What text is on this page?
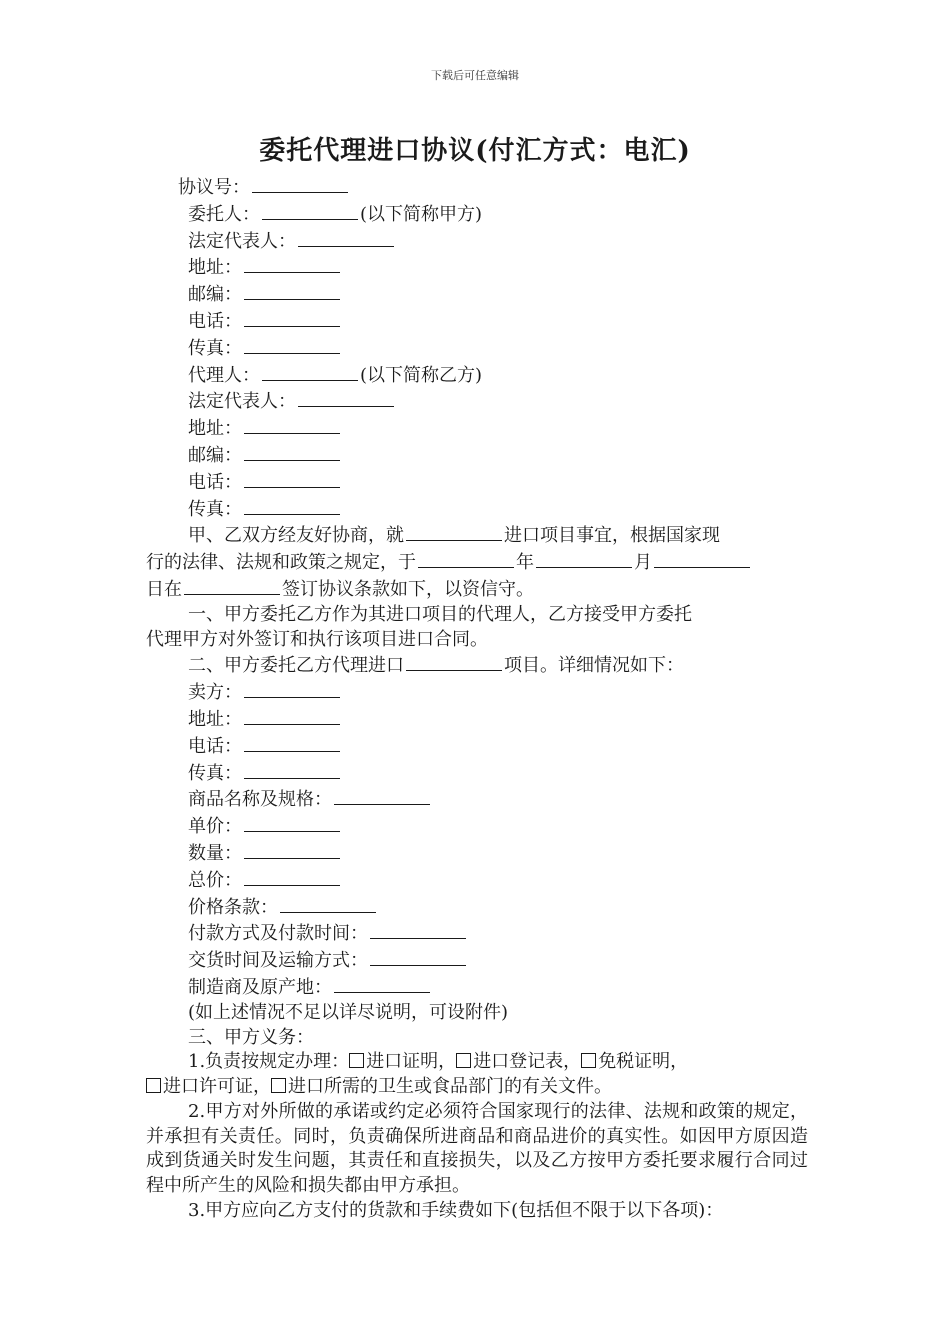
下载后可任意编辑
委托代理进口协议(付汇方式：电汇)
协议号：
委托人：	(以下简称甲方)
法定代表人：
地址：
邮编：
电话：
传真：
代理人：	(以下简称乙方)
法定代表人：
地址：
邮编：
电话：
传真：
甲、乙双方经友好协商，就	进口项目事宜，根据国家现
行的法律、法规和政策之规定，于	年	月
日在	签订协议条款如下，以资信守。
一、甲方委托乙方作为其进口项目的代理人，乙方接受甲方委托
代理甲方对外签订和执行该项目进口合同。
二、甲方委托乙方代理进口	项目。详细情况如下：
卖方：
地址：
电话：
传真：
商品名称及规格：
单价：
数量：
总价：
价格条款：
付款方式及付款时间：
交货时间及运输方式：
制造商及原产地：
(如上述情况不足以详尽说明，可设附件)
三、甲方义务：
1.负责按规定办理： 进口证明， 进口登记表， 免税证明，
进口许可证， 进口所需的卫生或食品部门的有关文件。
2.甲方对外所做的承诺或约定必须符合国家现行的法律、法规和政策的规定，并承担有关责任。同时，负责确保所进商品和商品进价的真实性。如因甲方原因造成到货通关时发生问题，其责任和直接损失，以及乙方按甲方委托要求履行合同过程中所产生的风险和损失都由甲方承担。
3.甲方应向乙方支付的货款和手续费如下(包括但不限于以下各项)：
